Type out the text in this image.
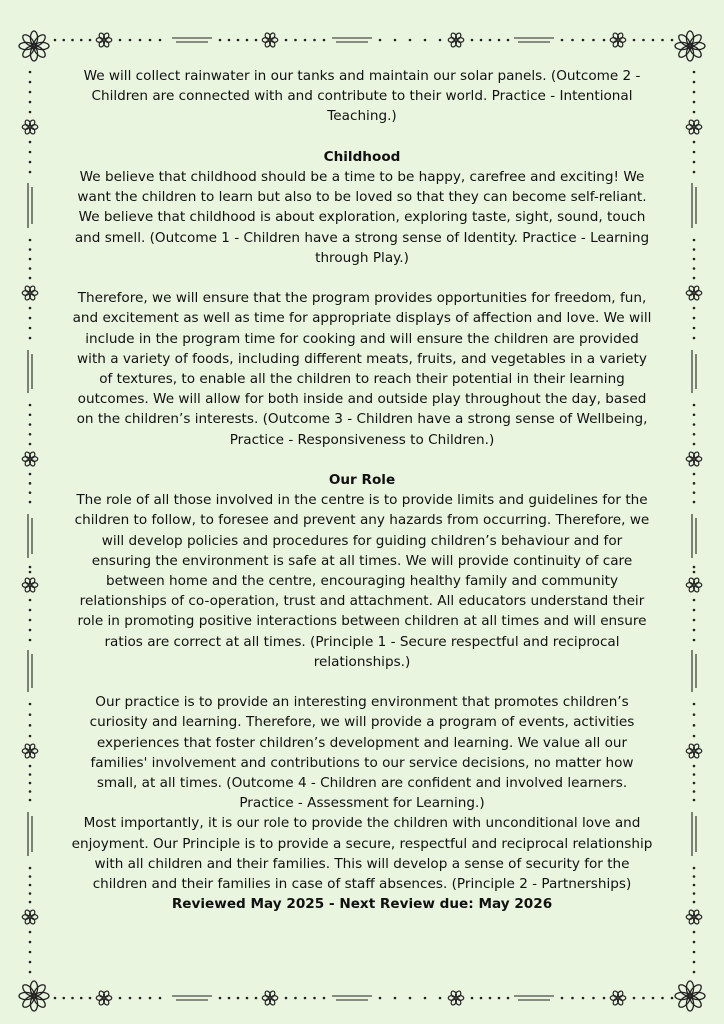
We will collect rainwater in our tanks and maintain our solar panels. (Outcome 2 - Children are connected with and contribute to their world. Practice - Intentional Teaching.)

Childhood

We believe that childhood should be a time to be happy, carefree and exciting! We want the children to learn but also to be loved so that they can become self-reliant. We believe that childhood is about exploration, exploring taste, sight, sound, touch and smell. (Outcome 1 - Children have a strong sense of Identity. Practice - Learning through Play.)

Therefore, we will ensure that the program provides opportunities for freedom, fun, and excitement as well as time for appropriate displays of affection and love. We will include in the program time for cooking and will ensure the children are provided with a variety of foods, including different meats, fruits, and vegetables in a variety of textures, to enable all the children to reach their potential in their learning outcomes. We will allow for both inside and outside play throughout the day, based on the children’s interests. (Outcome 3 - Children have a strong sense of Wellbeing, Practice - Responsiveness to Children.)

Our Role

The role of all those involved in the centre is to provide limits and guidelines for the children to follow, to foresee and prevent any hazards from occurring. Therefore, we will develop policies and procedures for guiding children’s behaviour and for ensuring the environment is safe at all times. We will provide continuity of care between home and the centre, encouraging healthy family and community relationships of co-operation, trust and attachment. All educators understand their role in promoting positive interactions between children at all times and will ensure ratios are correct at all times. (Principle 1 - Secure respectful and reciprocal relationships.)

Our practice is to provide an interesting environment that promotes children’s curiosity and learning. Therefore, we will provide a program of events, activities experiences that foster children’s development and learning. We value all our families' involvement and contributions to our service decisions, no matter how small, at all times. (Outcome 4 - Children are confident and involved learners. Practice - Assessment for Learning.)

Most importantly, it is our role to provide the children with unconditional love and enjoyment. Our Principle is to provide a secure, respectful and reciprocal relationship with all children and their families. This will develop a sense of security for the children and their families in case of staff absences. (Principle 2 - Partnerships)

Reviewed May 2025 - Next Review due: May 2026
